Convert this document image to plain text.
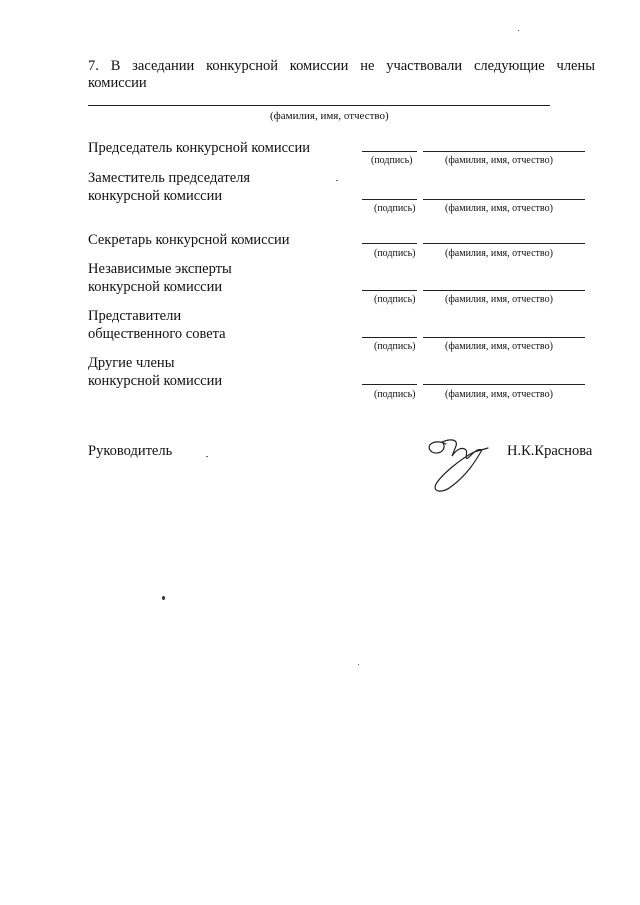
7. В заседании конкурсной комиссии не участвовали следующие члены
комиссии
(фамилия, имя, отчество)
Председатель конкурсной комиссии
(подпись)	(фамилия, имя, отчество)
Заместитель председателя
конкурсной комиссии
(подпись)	(фамилия, имя, отчество)
Секретарь конкурсной комиссии
(подпись)	(фамилия, имя, отчество)
Независимые эксперты
конкурсной комиссии
(подпись)	(фамилия, имя, отчество)
Представители
общественного совета
(подпись)	(фамилия, имя, отчество)
Другие члены
конкурсной комиссии
(подпись)	(фамилия, имя, отчество)
Руководитель	Н.К.Краснова
